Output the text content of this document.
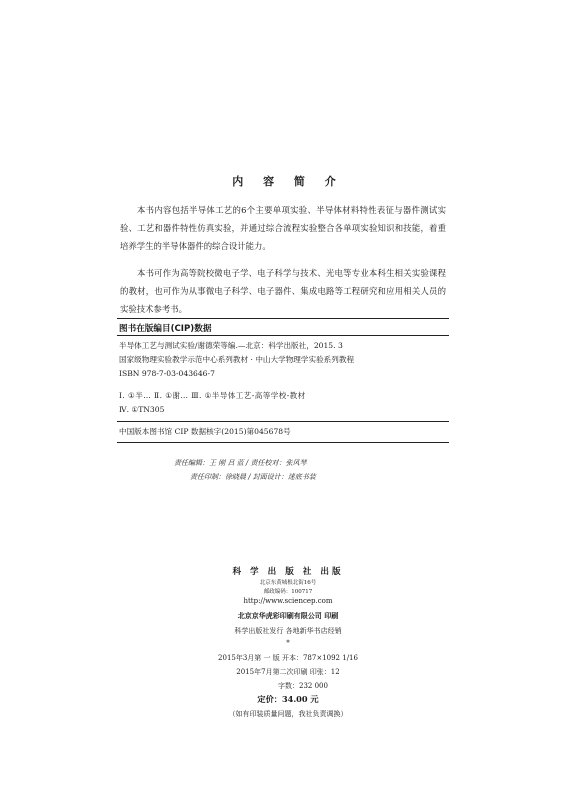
内 容 简 介

本书内容包括半导体工艺的6个主要单项实验、半导体材料特性表征与器件测试实验、工艺和器件特性仿真实验，并通过综合流程实验整合各单项实验知识和技能，着重培养学生的半导体器件的综合设计能力。

本书可作为高等院校微电子学、电子科学与技术、光电等专业本科生相关实验课程的教材，也可作为从事微电子科学、电子器件、集成电路等工程研究和应用相关人员的实验技术参考书。

图书在版编目(CIP)数据
半导体工艺与测试实验/谢德荣等编.—北京：科学出版社，2015. 3
国家级物理实验教学示范中心系列教材 · 中山大学物理学实验系列教程
ISBN 978-7-03-043646-7
Ⅰ. ①半… Ⅱ. ①谢… Ⅲ. ①半导体工艺-高等学校-教材
Ⅳ. ①TN305
中国版本图书馆 CIP 数据核字(2015)第045678号
责任编辑：王 刚 吕 蓝 / 责任校对：张风琴
责任印制：徐晓晨 / 封面设计：迷底书装
科 学 出 版 社 出版
北京东黄城根北街16号
邮政编码：100717
http://www.sciencep.com
北京京华虎彩印刷有限公司 印刷
科学出版社发行 各地新华书店经销
*
2015年3月第 一 版 开本：787×1092 1/16
2015年7月第二次印刷 印张：12
字数：232 000
定价：34.00 元
（如有印装质量问题，我社负责调换）
